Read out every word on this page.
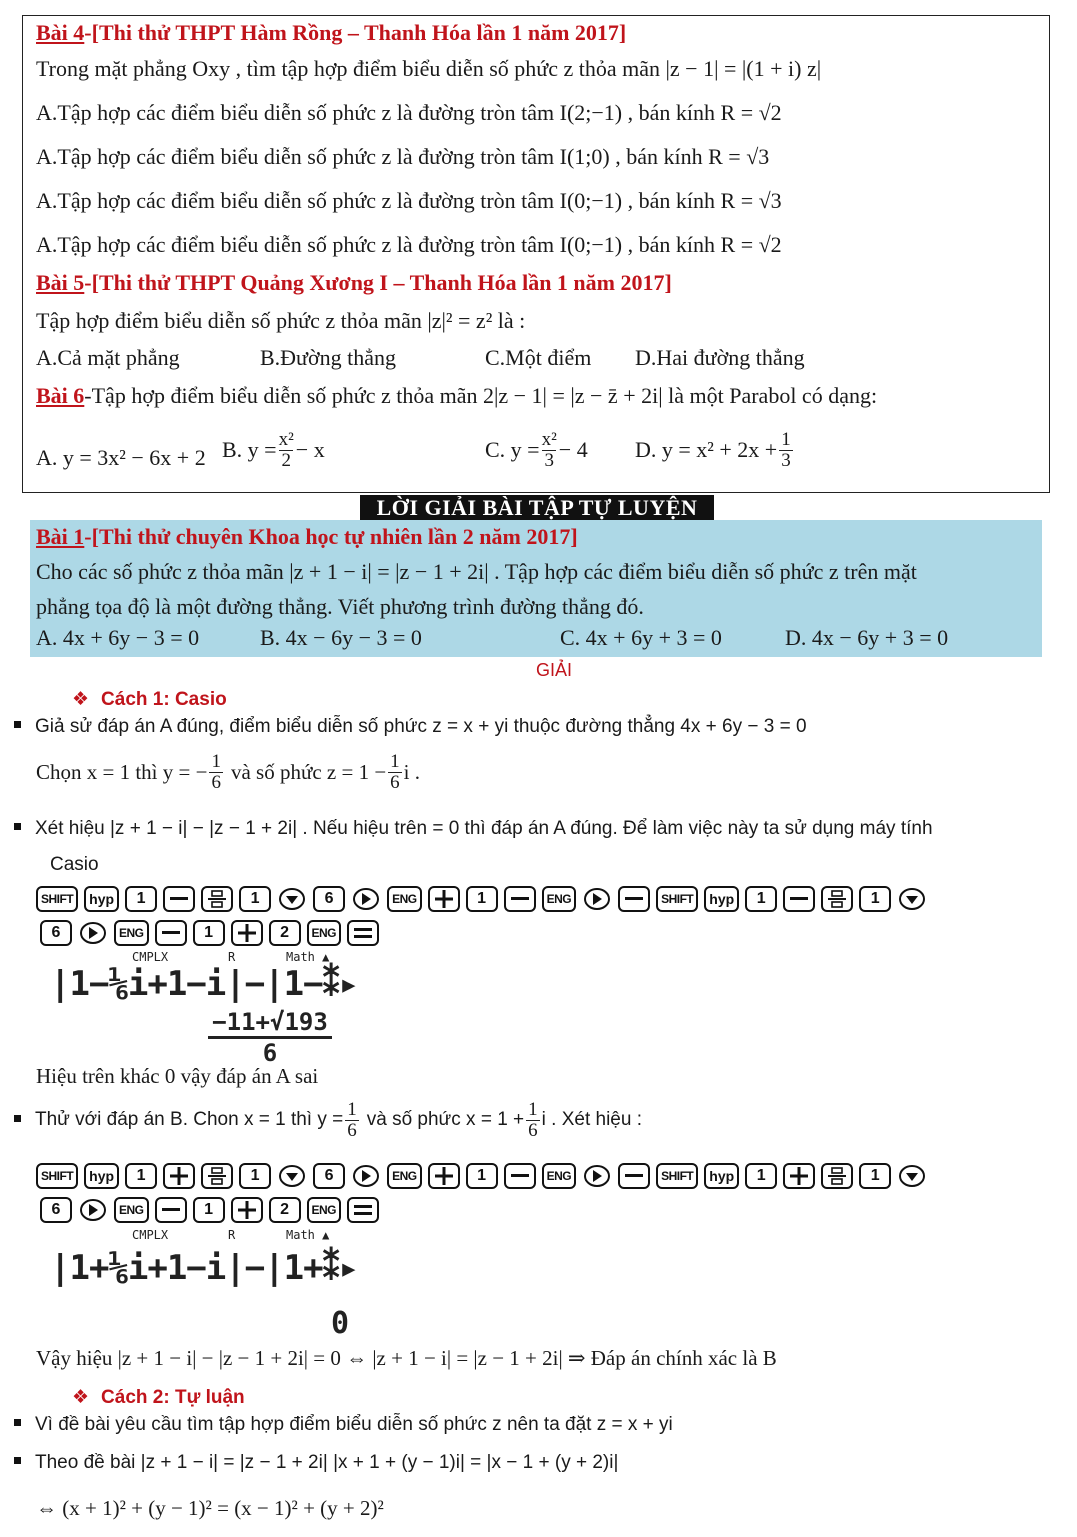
Bài 4-[Thi thử THPT Hàm Rồng – Thanh Hóa lần 1 năm 2017]
Trong mặt phẳng Oxy , tìm tập hợp điểm biểu diễn số phức z thỏa mãn |z − 1| = |(1 + i) z|
A.Tập hợp các điểm biểu diễn số phức z là đường tròn tâm I(2;−1) , bán kính R = √2
A.Tập hợp các điểm biểu diễn số phức z là đường tròn tâm I(1;0) , bán kính R = √3
A.Tập hợp các điểm biểu diễn số phức z là đường tròn tâm I(0;−1) , bán kính R = √3
A.Tập hợp các điểm biểu diễn số phức z là đường tròn tâm I(0;−1) , bán kính R = √2
Bài 5-[Thi thử THPT Quảng Xương I – Thanh Hóa lần 1 năm 2017]
Tập hợp điểm biểu diễn số phức z thỏa mãn |z|² = z² là :
A.Cả mặt phẳng	B.Đường thẳng	C.Một điểm D.Hai đường thẳng
Bài 6-Tập hợp điểm biểu diễn số phức z thỏa mãn 2|z − 1| = |z − z̄ + 2i| là một Parabol có dạng:
A. y = 3x² − 6x + 2 B. $y = \frac{\text{x²}}{2} - x$	C. $y = \frac{\text{x²}}{3} - 4$ D. $y = x^2 + 2x + \frac{1}{3}$
LỜI GIẢI BÀI TẬP TỰ LUYỆN
Bài 1-[Thi thử chuyên Khoa học tự nhiên lần 2 năm 2017]
Cho các số phức z thỏa mãn |z + 1 − i| = |z − 1 + 2i| . Tập hợp các điểm biểu diễn số phức z trên mặt
phẳng tọa độ là một đường thẳng. Viết phương trình đường thẳng đó.
A. 4x + 6y − 3 = 0	B. 4x − 6y − 3 = 0	C. 4x + 6y + 3 = 0	D. 4x − 6y + 3 = 0
GIẢI
❖ Cách 1: Casio
Giả sử đáp án A đúng, điểm biểu diễn số phức z = x + yi thuộc đường thẳng 4x + 6y − 3 = 0
Chọn x = 1 thì y = − $\frac{1}{6}$ và số phức $z = 1 - \frac{1}{6}$ i .
Xét hiệu |z + 1 − i| − |z − 1 + 2i| . Nếu hiệu trên = 0 thì đáp án A đúng. Để làm việc này ta sử dụng máy tính
Casio
SHIFT	hyp	1	1	6	ENG	1	ENG	SHIFT	hyp	1	1
6	ENG	1	2	ENG
CMPLX	R	Math ▲
|1−⅙i+1−i|−|1−⁑▸
−11+√193
6
Hiệu trên khác 0 vậy đáp án A sai
Thử với đáp án B. Chon x = 1 thì $y = \frac{1}{6}$ và số phức $x = 1 + \frac{1}{6}$ i . Xét hiệu :
SHIFT	hyp	1	1	6	ENG	1	ENG	SHIFT	hyp	1	1
6	ENG	1	2	ENG
CMPLX	R	Math ▲
|1+⅙i+1−i|−|1+⁑▸
0
Vậy hiệu |z + 1 − i| − |z − 1 + 2i| = 0 ⇔ |z + 1 − i| = |z − 1 + 2i| ⇒ Đáp án chính xác là B
❖ Cách 2: Tự luận
Vì đề bài yêu cầu tìm tập hợp điểm biểu diễn số phức z nên ta đặt z = x + yi
Theo đề bài |z + 1 − i| = |z − 1 + 2i| |x + 1 + (y − 1)i| = |x − 1 + (y + 2)i|
⇔ (x + 1)² + (y − 1)² = (x − 1)² + (y + 2)²
